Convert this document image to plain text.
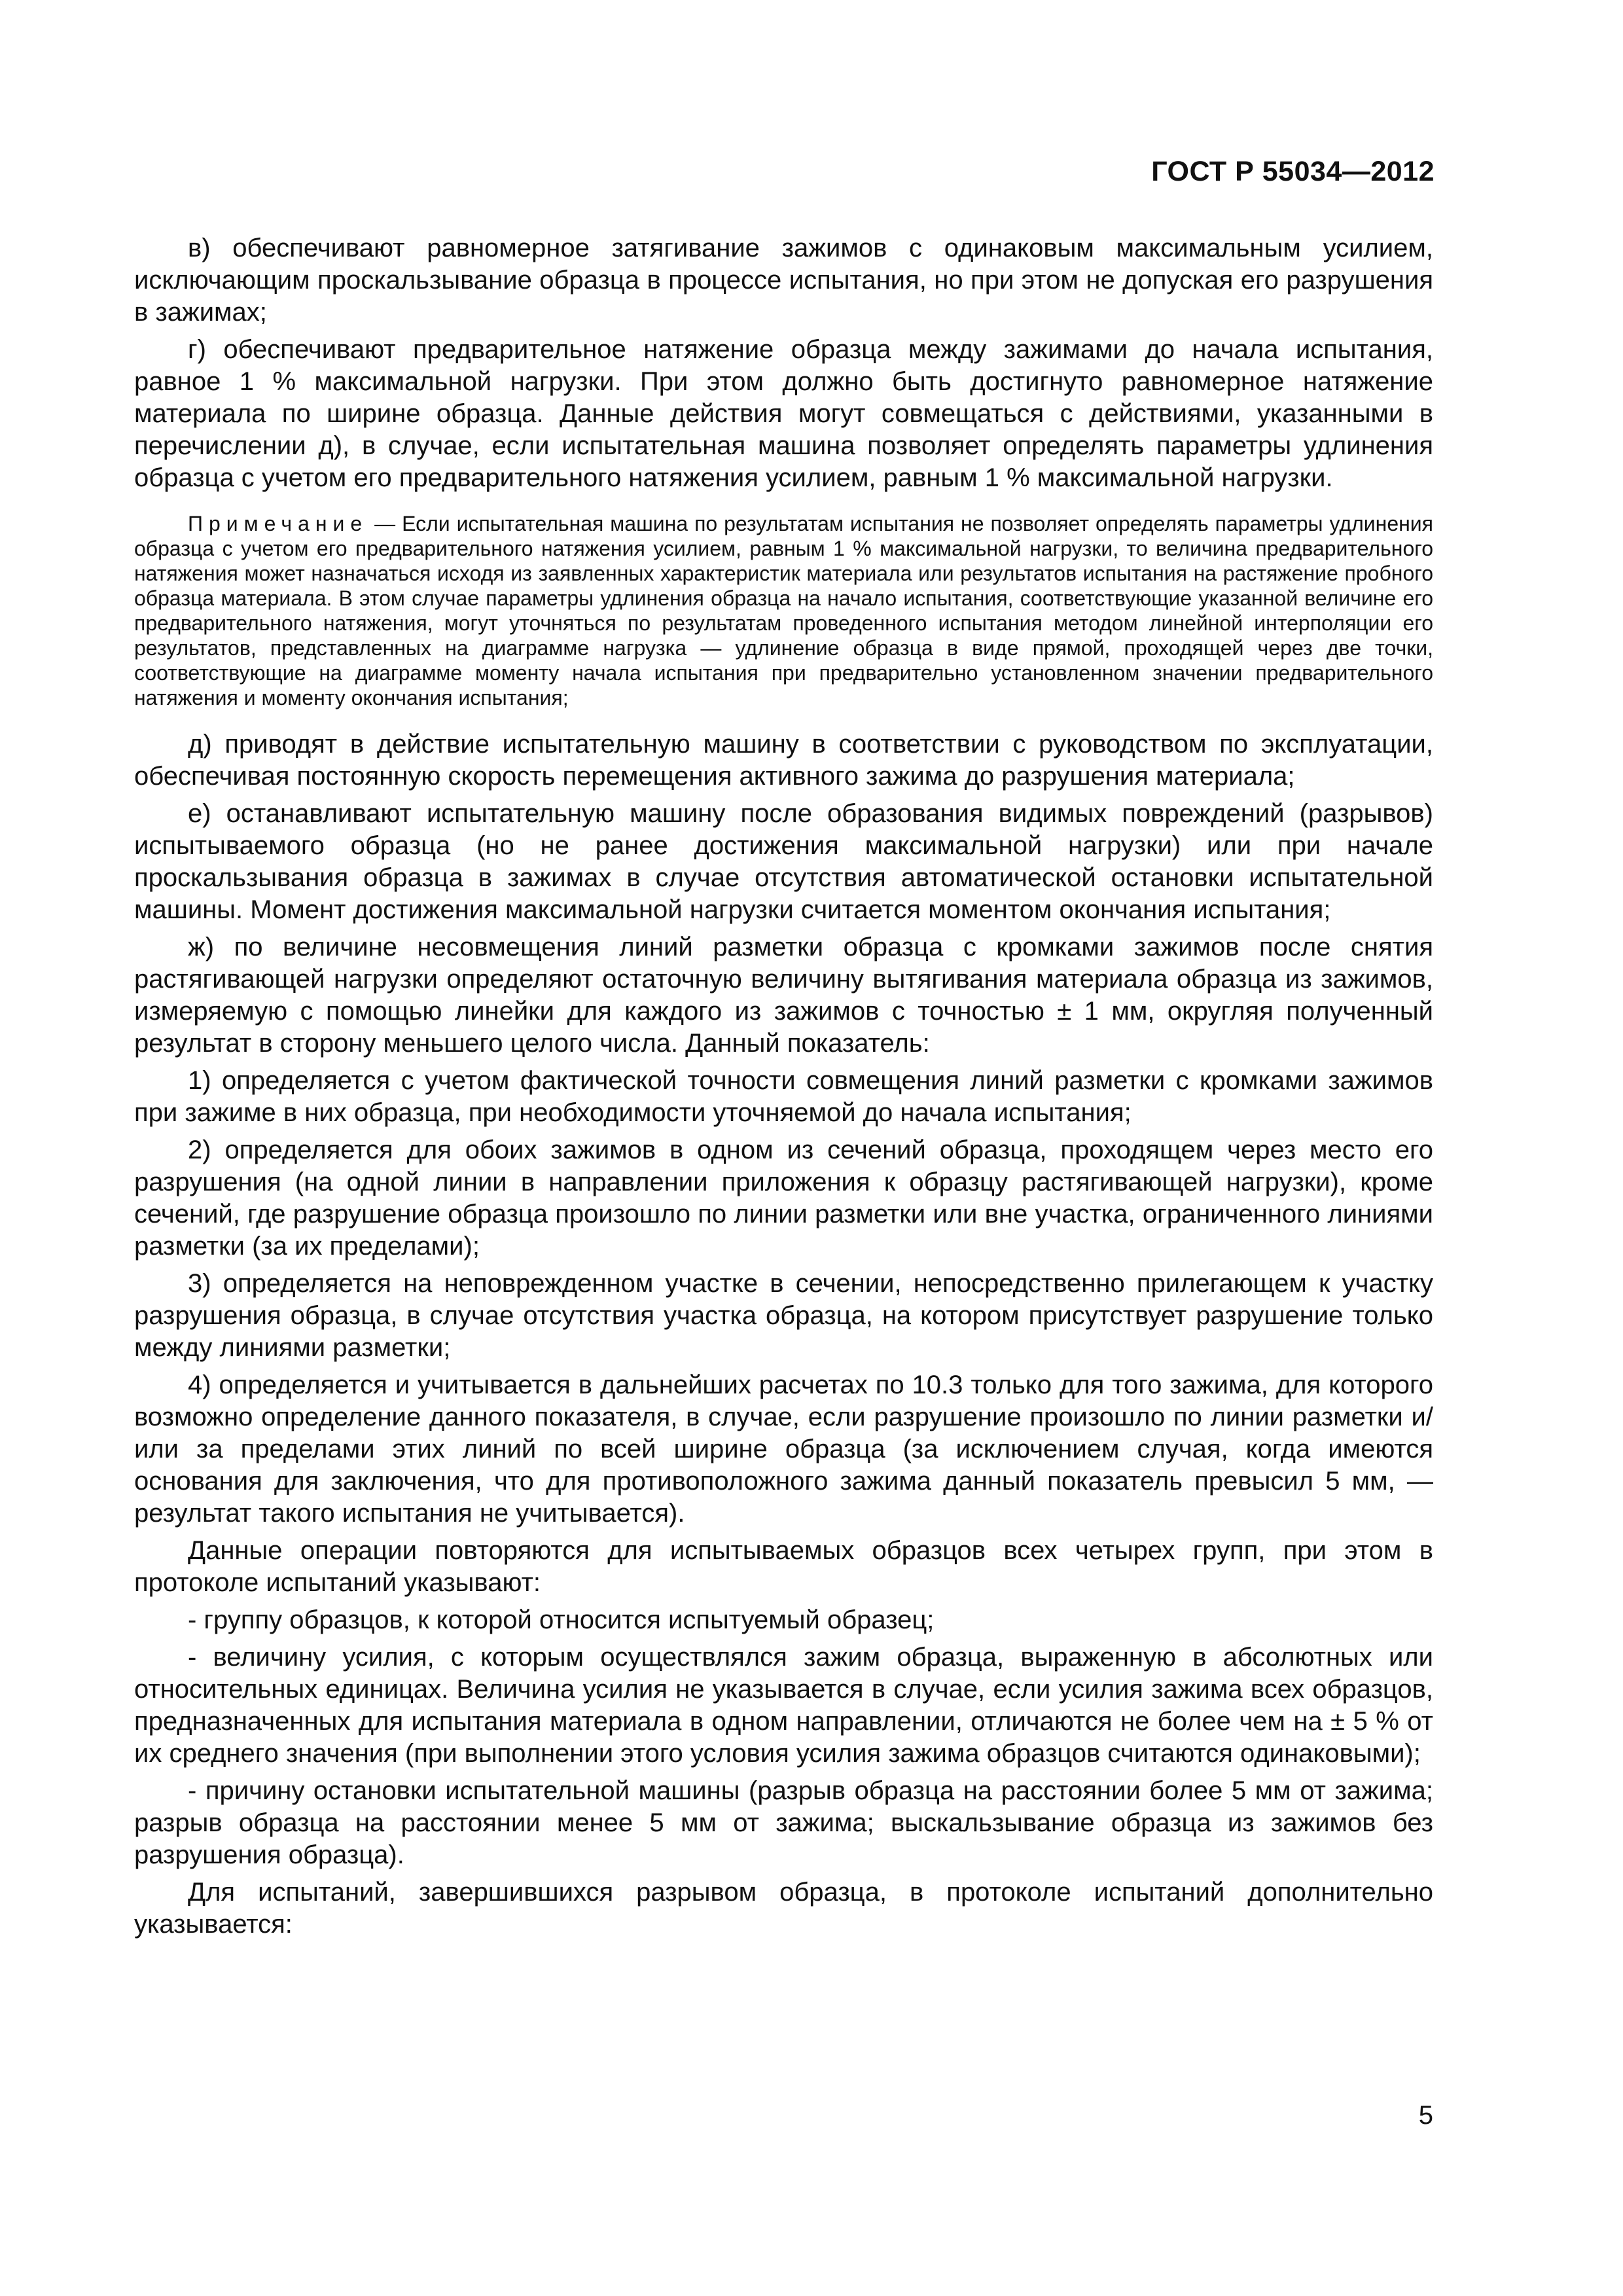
ГОСТ Р 55034—2012

в) обеспечивают равномерное затягивание зажимов с одинаковым максимальным усилием, исключающим проскальзывание образца в процессе испытания, но при этом не допуская его разрушения в зажимах;

г) обеспечивают предварительное натяжение образца между зажимами до начала испытания, равное 1 % максимальной нагрузки. При этом должно быть достигнуто равномерное натяжение материала по ширине образца. Данные действия могут совмещаться с действиями, указанными в перечислении д), в случае, если испытательная машина позволяет определять параметры удлинения образца с учетом его предварительного натяжения усилием, равным 1 % максимальной нагрузки.

Примечание — Если испытательная машина по результатам испытания не позволяет определять параметры удлинения образца с учетом его предварительного натяжения усилием, равным 1 % максимальной нагрузки, то величина предварительного натяжения может назначаться исходя из заявленных характеристик материала или результатов испытания на растяжение пробного образца материала. В этом случае параметры удлинения образца на начало испытания, соответствующие указанной величине его предварительного натяжения, могут уточняться по результатам проведенного испытания методом линейной интерполяции его результатов, представленных на диаграмме нагрузка — удлинение образца в виде прямой, проходящей через две точки, соответствующие на диаграмме моменту начала испытания при предварительно установленном значении предварительного натяжения и моменту окончания испытания;

д) приводят в действие испытательную машину в соответствии с руководством по эксплуатации, обеспечивая постоянную скорость перемещения активного зажима до разрушения материала;

е) останавливают испытательную машину после образования видимых повреждений (разрывов) испытываемого образца (но не ранее достижения максимальной нагрузки) или при начале проскальзывания образца в зажимах в случае отсутствия автоматической остановки испытательной машины. Момент достижения максимальной нагрузки считается моментом окончания испытания;

ж) по величине несовмещения линий разметки образца с кромками зажимов после снятия растягивающей нагрузки определяют остаточную величину вытягивания материала образца из зажимов, измеряемую с помощью линейки для каждого из зажимов с точностью ± 1 мм, округляя полученный результат в сторону меньшего целого числа. Данный показатель:

1) определяется с учетом фактической точности совмещения линий разметки с кромками зажимов при зажиме в них образца, при необходимости уточняемой до начала испытания;

2) определяется для обоих зажимов в одном из сечений образца, проходящем через место его разрушения (на одной линии в направлении приложения к образцу растягивающей нагрузки), кроме сечений, где разрушение образца произошло по линии разметки или вне участка, ограниченного линиями разметки (за их пределами);

3) определяется на неповрежденном участке в сечении, непосредственно прилегающем к участку разрушения образца, в случае отсутствия участка образца, на котором присутствует разрушение только между линиями разметки;

4) определяется и учитывается в дальнейших расчетах по 10.3 только для того зажима, для которого возможно определение данного показателя, в случае, если разрушение произошло по линии разметки и/или за пределами этих линий по всей ширине образца (за исключением случая, когда имеются основания для заключения, что для противоположного зажима данный показатель превысил 5 мм, — результат такого испытания не учитывается).

Данные операции повторяются для испытываемых образцов всех четырех групп, при этом в протоколе испытаний указывают:

- группу образцов, к которой относится испытуемый образец;

- величину усилия, с которым осуществлялся зажим образца, выраженную в абсолютных или относительных единицах. Величина усилия не указывается в случае, если усилия зажима всех образцов, предназначенных для испытания материала в одном направлении, отличаются не более чем на ± 5 % от их среднего значения (при выполнении этого условия усилия зажима образцов считаются одинаковыми);

- причину остановки испытательной машины (разрыв образца на расстоянии более 5 мм от зажима; разрыв образца на расстоянии менее 5 мм от зажима; выскальзывание образца из зажимов без разрушения образца).

Для испытаний, завершившихся разрывом образца, в протоколе испытаний дополнительно указывается:

5
